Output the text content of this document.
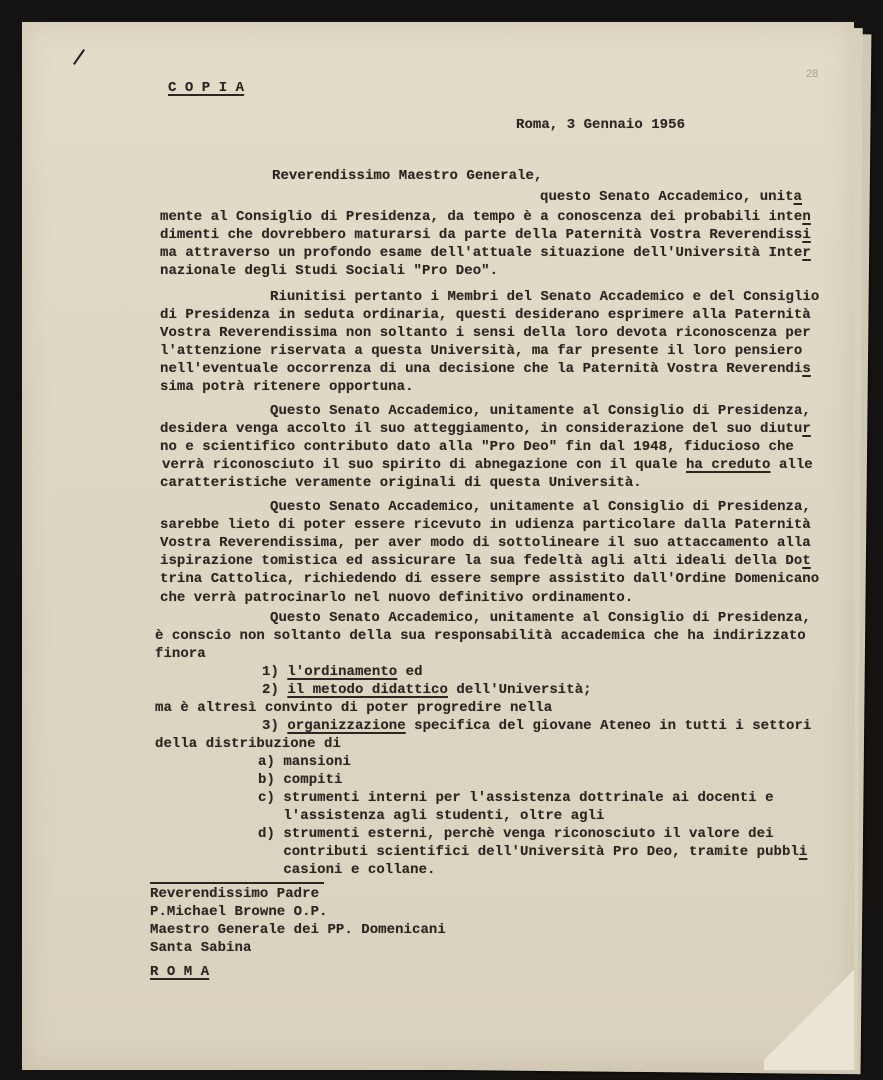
28
C O P I A
Roma, 3 Gennaio 1956
Reverendissimo Maestro Generale,
questo Senato Accademico, unita
mente al Consiglio di Presidenza, da tempo è a conoscenza dei probabili inten
dimenti che dovrebbero maturarsi da parte della Paternità Vostra Reverendissi
ma attraverso un profondo esame dell'attuale situazione dell'Università Inter
nazionale degli Studi Sociali "Pro Deo".
Riunitisi pertanto i Membri del Senato Accademico e del Consiglio
di Presidenza in seduta ordinaria, questi desiderano esprimere alla Paternità
Vostra Reverendissima non soltanto i sensi della loro devota riconoscenza per
l'attenzione riservata a questa Università, ma far presente il loro pensiero
nell'eventuale occorrenza di una decisione che la Paternità Vostra Reverendis
sima potrà ritenere opportuna.
Questo Senato Accademico, unitamente al Consiglio di Presidenza,
desidera venga accolto il suo atteggiamento, in considerazione del suo diutur
no e scientifico contributo dato alla "Pro Deo" fin dal 1948, fiducioso che
verrà riconosciuto il suo spirito di abnegazione con il quale ha creduto alle
caratteristiche veramente originali di questa Università.
Questo Senato Accademico, unitamente al Consiglio di Presidenza,
sarebbe lieto di poter essere ricevuto in udienza particolare dalla Paternità
Vostra Reverendissima, per aver modo di sottolineare il suo attaccamento alla
ispirazione tomistica ed assicurare la sua fedeltà agli alti ideali della Dot
trina Cattolica, richiedendo di essere sempre assistito dall'Ordine Domenicano
che verrà patrocinarlo nel nuovo definitivo ordinamento.
Questo Senato Accademico, unitamente al Consiglio di Presidenza,
è conscio non soltanto della sua responsabilità accademica che ha indirizzato
finora
1) l'ordinamento ed
2) il metodo didattico dell'Università;
ma è altresì convinto di poter progredire nella
3) organizzazione specifica del giovane Ateneo in tutti i settori
della distribuzione di
a) mansioni
b) compiti
c) strumenti interni per l'assistenza dottrinale ai docenti e
l'assistenza agli studenti, oltre agli
d) strumenti esterni, perchè venga riconosciuto il valore dei
contributi scientifici dell'Università Pro Deo, tramite pubbli
casioni e collane.
Reverendissimo Padre
P.Michael Browne O.P.
Maestro Generale dei PP. Domenicani
Santa Sabina
R O M A
